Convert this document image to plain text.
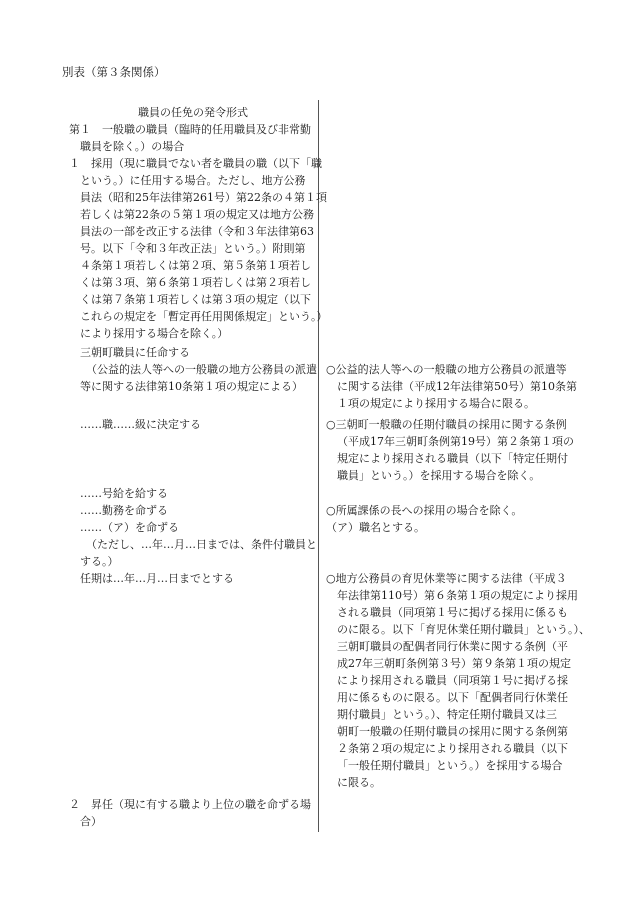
別表（第３条関係）
職員の任免の発令形式
第１　一般職の職員（臨時的任用職員及び非常勤
職員を除く。）の場合
１　採用（現に職員でない者を職員の職（以下「職
という。）に任用する場合。ただし、地方公務
員法（昭和25年法律第261号）第22条の４第１項
若しくは第22条の５第１項の規定又は地方公務
員法の一部を改正する法律（令和３年法律第63
号。以下「令和３年改正法」という。）附則第
４条第１項若しくは第２項、第５条第１項若し
くは第３項、第６条第１項若しくは第２項若し
くは第７条第１項若しくは第３項の規定（以下
これらの規定を「暫定再任用関係規定」という。）
により採用する場合を除く。）
三朝町職員に任命する
（公益的法人等への一般職の地方公務員の派遣
等に関する法律第10条第１項の規定による）
……職……級に決定する
……号給を給する
……勤務を命ずる
……（ア）を命ずる
（ただし、…年…月…日までは、条件付職員と
する。）
任期は…年…月…日までとする
２　昇任（現に有する職より上位の職を命ずる場
合）
○公益的法人等への一般職の地方公務員の派遣等
に関する法律（平成12年法律第50号）第10条第
１項の規定により採用する場合に限る。
○三朝町一般職の任期付職員の採用に関する条例
（平成17年三朝町条例第19号）第２条第１項の
規定により採用される職員（以下「特定任期付
職員」という。）を採用する場合を除く。
○所属課係の長への採用の場合を除く。
（ア）職名とする。
○地方公務員の育児休業等に関する法律（平成３
年法律第110号）第６条第１項の規定により採用
される職員（同項第１号に掲げる採用に係るも
のに限る。以下「育児休業任期付職員」という。）、
三朝町職員の配偶者同行休業に関する条例（平
成27年三朝町条例第３号）第９条第１項の規定
により採用される職員（同項第１号に掲げる採
用に係るものに限る。以下「配偶者同行休業任
期付職員」という。）、特定任期付職員又は三
朝町一般職の任期付職員の採用に関する条例第
２条第２項の規定により採用される職員（以下
「一般任期付職員」という。）を採用する場合
に限る。
